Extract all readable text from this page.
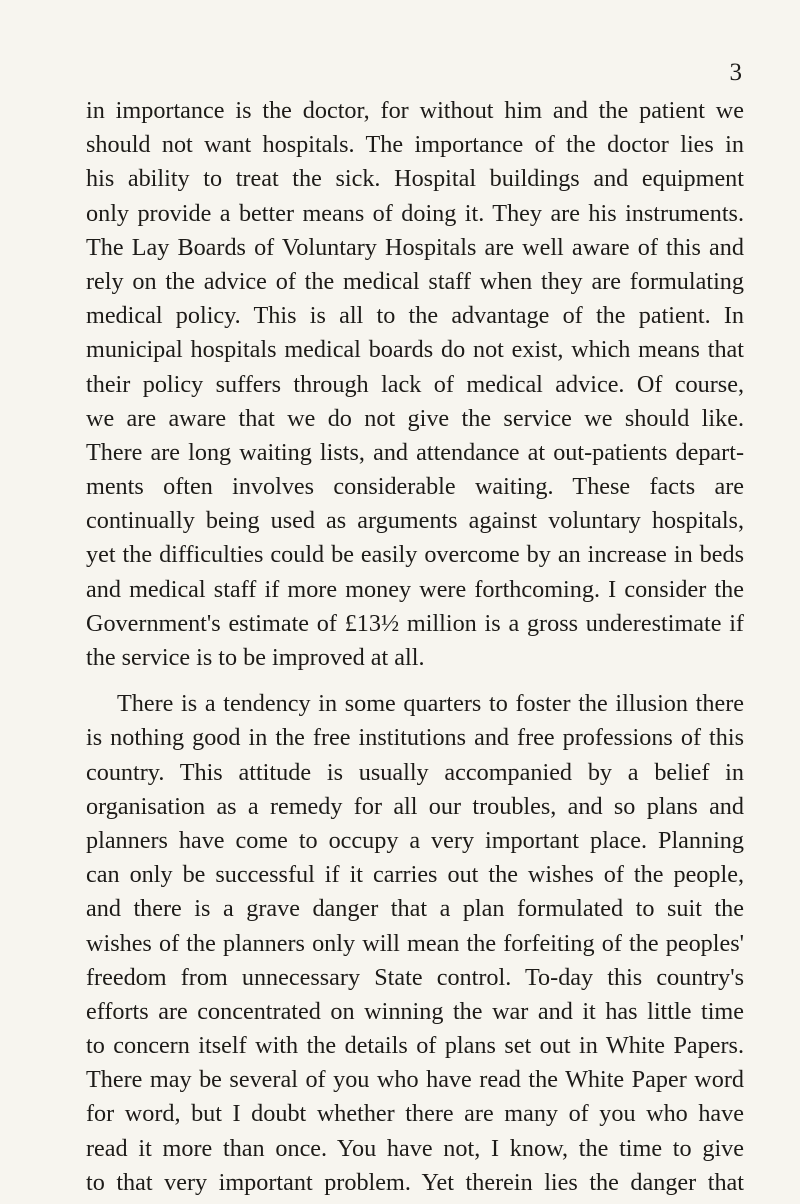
3
in importance is the doctor, for without him and the patient we
should not want hospitals. The importance of the doctor lies in
his ability to treat the sick. Hospital buildings and equipment
only provide a better means of doing it. They are his instruments.
The Lay Boards of Voluntary Hospitals are well aware of this and
rely on the advice of the medical staff when they are formulating
medical policy. This is all to the advantage of the patient. In
municipal hospitals medical boards do not exist, which means that
their policy suffers through lack of medical advice. Of course,
we are aware that we do not give the service we should like.
There are long waiting lists, and attendance at out-patients depart-
ments often involves considerable waiting. These facts are
continually being used as arguments against voluntary hospitals,
yet the difficulties could be easily overcome by an increase in beds
and medical staff if more money were forthcoming. I consider the
Government's estimate of £13½ million is a gross underestimate if
the service is to be improved at all.
There is a tendency in some quarters to foster the illusion there
is nothing good in the free institutions and free professions of this
country. This attitude is usually accompanied by a belief in
organisation as a remedy for all our troubles, and so plans and
planners have come to occupy a very important place. Planning
can only be successful if it carries out the wishes of the people,
and there is a grave danger that a plan formulated to suit the
wishes of the planners only will mean the forfeiting of the peoples'
freedom from unnecessary State control. To-day this country's
efforts are concentrated on winning the war and it has little time
to concern itself with the details of plans set out in White Papers.
There may be several of you who have read the White Paper word
for word, but I doubt whether there are many of you who have
read it more than once. You have not, I know, the time to give
to that very important problem. Yet therein lies the danger that
